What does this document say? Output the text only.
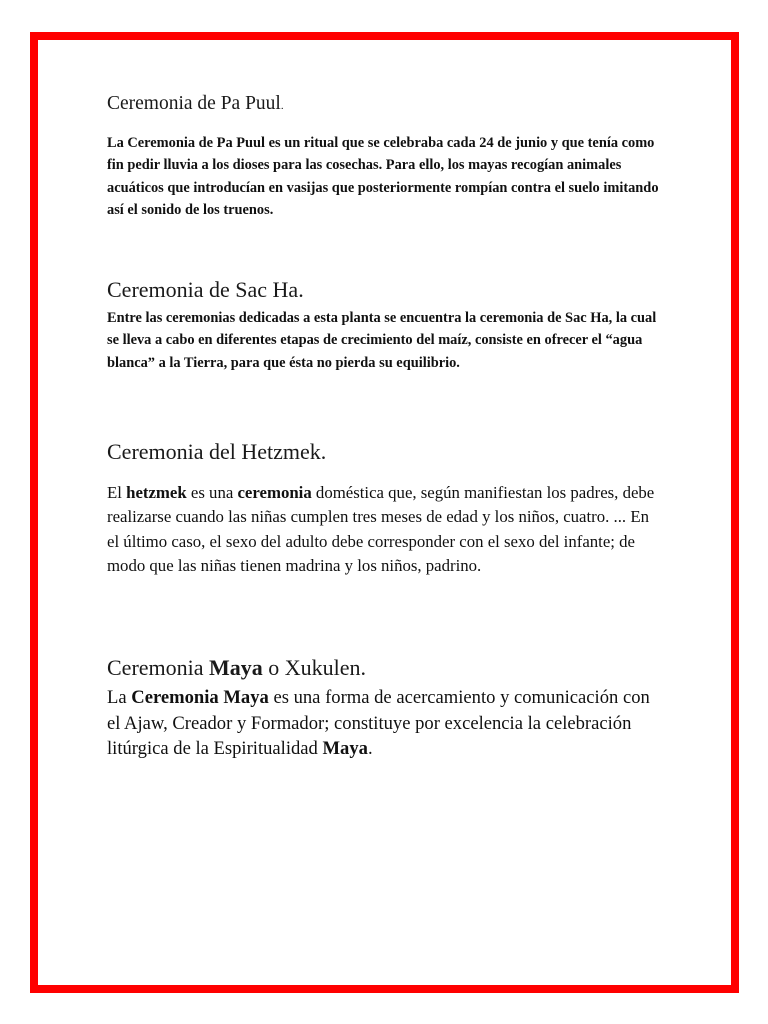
Ceremonia de Pa Puul.

La Ceremonia de Pa Puul es un ritual que se celebraba cada 24 de junio y que tenía como fin pedir lluvia a los dioses para las cosechas. Para ello, los mayas recogían animales acuáticos que introducían en vasijas que posteriormente rompían contra el suelo imitando así el sonido de los truenos.

Ceremonia de Sac Ha.

Entre las ceremonias dedicadas a esta planta se encuentra la ceremonia de Sac Ha, la cual se lleva a cabo en diferentes etapas de crecimiento del maíz, consiste en ofrecer el “agua blanca” a la Tierra, para que ésta no pierda su equilibrio.

Ceremonia del Hetzmek.

El hetzmek es una ceremonia doméstica que, según manifiestan los padres, debe realizarse cuando las niñas cumplen tres meses de edad y los niños, cuatro. ... En el último caso, el sexo del adulto debe corresponder con el sexo del infante; de modo que las niñas tienen madrina y los niños, padrino.

Ceremonia Maya o Xukulen.

La Ceremonia Maya es una forma de acercamiento y comunicación con el Ajaw, Creador y Formador; constituye por excelencia la celebración litúrgica de la Espiritualidad Maya.
